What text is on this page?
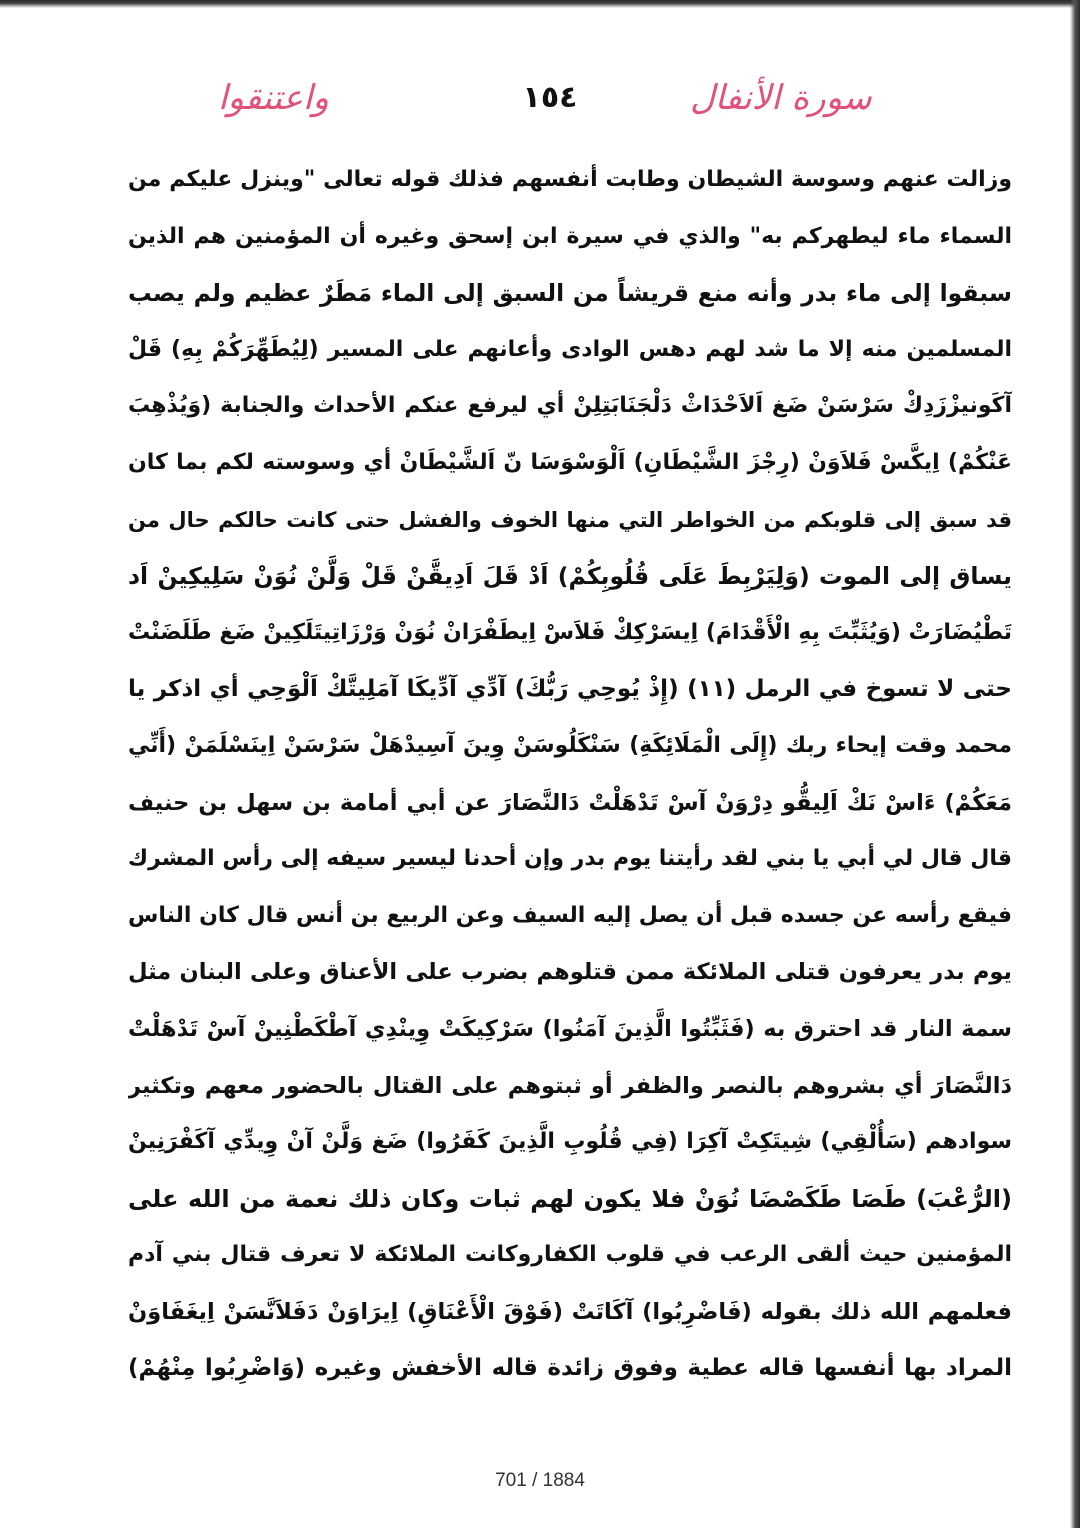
واعتنقوا	١٥٤	سورة الأنفال
وزالت عنهم وسوسة الشيطان وطابت أنفسهم فذلك قوله تعالى "وينزل عليكم من
السماء ماء ليطهركم به" والذي في سيرة ابن إسحق وغيره أن المؤمنين هم الذين
سبقوا إلى ماء بدر وأنه منع قريشاً من السبق إلى الماء مَطَرٌ عظيم ولم يصب
المسلمين منه إلا ما شد لهم دهس الوادى وأعانهم على المسير (لِيُطَهِّرَكُمْ بِهِ) قَلْ
آكَونيزْزَدِكْ سَرْسَنْ ضَغ اَلاَحْدَاثْ دَلْجَنَابَتِلِنْ أي ليرفع عنكم الأحداث والجنابة (وَيُذْهِبَ
عَنْكُمْ) اِيكَّسْ فَلاَوَنْ (رِجْزَ الشَّيْطَانِ) اَلْوَسْوَسَا نّ اَلشَّيْطَانْ أي وسوسته لكم بما كان
قد سبق إلى قلوبكم من الخواطر التي منها الخوف والفشل حتى كانت حالكم حال من
يساق إلى الموت (وَلِيَرْبِطَ عَلَى قُلُوبِكُمْ) اَدْ قَلَ اَدِيقَّنْ قَلْ وَلَّنْ نُوَنْ سَلِيكِينْ اَد
تَطْيُضَارَتْ (وَيُثَبِّتَ بِهِ الْأَقْدَامَ) اِيسَرْكِكْ فَلاَسْ اِيطَفْرَانْ نُوَنْ وَرْزَاتِيتَلَكِينْ ضَغ طَلَضَنْتْ
حتى لا تسوخ في الرمل (١١) (إِذْ يُوحِي رَبُّكَ) آدِّي آدِّيكَا آمَلِيتَّكْ اَلْوَحِي أي اذكر يا
محمد وقت إيحاء ربك (إِلَى الْمَلَائِكَةِ) سَنْكَلُوسَنْ وِينَ آسِيدْهَلْ سَرْسَنْ اِينَسْلَمَنْ (أَنِّي
مَعَكُمْ) ءَاسْ نَكْ اَلِيقُّو دِرْوَنْ آسْ تَدْهَلْتْ دَالنَّصَارَ عن أبي أمامة بن سهل بن حنيف
قال قال لي أبي يا بني لقد رأيتنا يوم بدر وإن أحدنا ليسير سيفه إلى رأس المشرك
فيقع رأسه عن جسده قبل أن يصل إليه السيف وعن الربيع بن أنس قال كان الناس
يوم بدر يعرفون قتلى الملائكة ممن قتلوهم بضرب على الأعناق وعلى البنان مثل
سمة النار قد احترق به (فَثَبِّتُوا الَّذِينَ آمَنُوا) سَرْكِيكَتْ وِينْدِي آطْكَطْنِينْ آسْ تَدْهَلْتْ
دَالنَّصَارَ أي بشروهم بالنصر والظفر أو ثبتوهم على القتال بالحضور معهم وتكثير
سوادهم (سَأُلْقِي) شِيتَكِتْ آكِرَا (فِي قُلُوبِ الَّذِينَ كَفَرُوا) ضَغ وَلَّنْ آنْ وِيدِّي آكَفْرَنِينْ
(الرُّعْبَ) طَصَا طَكَصْضَا نُوَنْ فلا يكون لهم ثبات وكان ذلك نعمة من الله على
المؤمنين حيث ألقى الرعب في قلوب الكفاروكانت الملائكة لا تعرف قتال بني آدم
فعلمهم الله ذلك بقوله (فَاضْرِبُوا) آكَاتَتْ (فَوْقَ الْأَعْنَاقِ) اِيرَاوَنْ دَفَلاَنَّسَنْ اِيغَفَاوَنْ
المراد بها أنفسها قاله عطية وفوق زائدة قاله الأخفش وغيره (وَاضْرِبُوا مِنْهُمْ)
701 / 1884
